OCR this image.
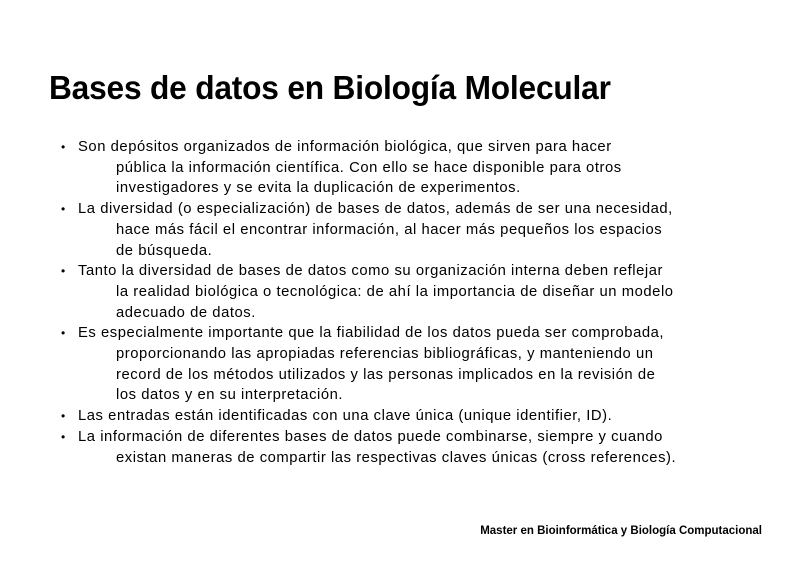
Bases de datos en Biología Molecular
• Son depósitos organizados de información biológica, que sirven para hacer
pública la información científica. Con ello se hace disponible para otros
investigadores y se evita la duplicación de experimentos.
• La diversidad (o especialización) de bases de datos, además de ser una necesidad,
hace más fácil el encontrar información, al hacer más pequeños los espacios
de búsqueda.
• Tanto la diversidad de bases de datos como su organización interna deben reflejar
la realidad biológica o tecnológica: de ahí la importancia de diseñar un modelo
adecuado de datos.
• Es especialmente importante que la fiabilidad de los datos pueda ser comprobada,
proporcionando las apropiadas referencias bibliográficas, y manteniendo un
record de los métodos utilizados y las personas implicados en la revisión de
los datos y en su interpretación.
• Las entradas están identificadas con una clave única (unique identifier, ID).
• La información de diferentes bases de datos puede combinarse, siempre y cuando
existan maneras de compartir las respectivas claves únicas (cross references).
Master en Bioinformática y Biología Computacional
